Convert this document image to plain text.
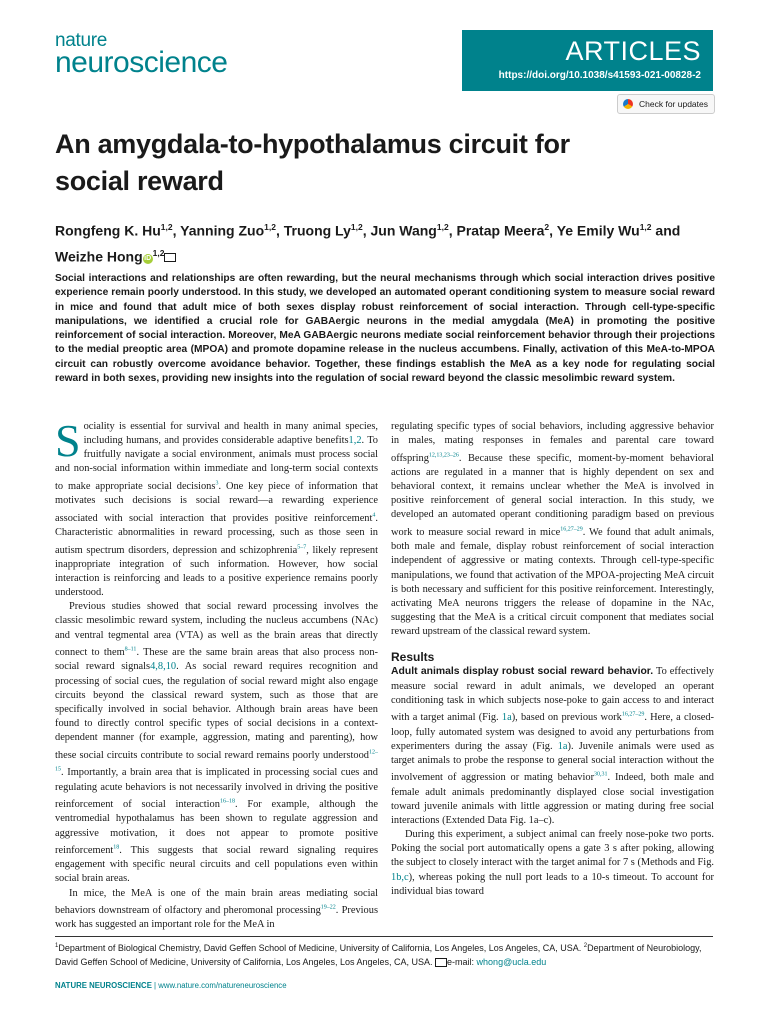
nature
neuroscience	ARTICLES
https://doi.org/10.1038/s41593-021-00828-2
Check for updates
An amygdala-to-hypothalamus circuit for
social reward
Rongfeng K. Hu$^{1,2}$, Yanning Zuo$^{1,2}$, Truong Ly$^{1,2}$, Jun Wang$^{1,2}$, Pratap Meera$^2$, Ye Emily Wu$^{1,2}$ and Weizhe Hong iD$^{1,2}$
Social interactions and relationships are often rewarding, but the neural mechanisms through which social interaction drives positive experience remain poorly understood. In this study, we developed an automated operant conditioning system to measure social reward in mice and found that adult mice of both sexes display robust reinforcement of social interaction. Through cell-type-specific manipulations, we identified a crucial role for GABAergic neurons in the medial amygdala (MeA) in promoting the positive reinforcement of social interaction. Moreover, MeA GABAergic neurons mediate social reinforcement behavior through their projections to the medial preoptic area (MPOA) and promote dopamine release in the nucleus accumbens. Finally, activation of this MeA-to-MPOA circuit can robustly overcome avoidance behavior. Together, these findings establish the MeA as a key node for regulating social reward in both sexes, providing new insights into the regulation of social reward beyond the classic mesolimbic reward system.

Sociality is essential for survival and health in many animal species, including humans, and provides considerable adaptive benefits1,2. To fruitfully navigate a social environment, animals must process social and non-social information within immediate and long-term social contexts to make appropriate social decisions$^3$. One key piece of information that motivates such decisions is social reward—a rewarding experience associated with social interaction that provides positive reinforcement$^4$. Characteristic abnormalities in reward processing, such as those seen in autism spectrum disorders, depression and schizophrenia$^{5-7}$, likely represent inappropriate integration of such information. However, how social interaction is reinforcing and leads to a positive experience remains poorly understood.

Previous studies showed that social reward processing involves the classic mesolimbic reward system, including the nucleus accumbens (NAc) and ventral tegmental area (VTA) as well as the brain areas that directly connect to them$^{8-11}$. These are the same brain areas that also process non-social reward signals4,8,10. As social reward requires recognition and processing of social cues, the regulation of social reward might also engage circuits beyond the classical reward system, such as those that are specifically involved in social behavior. Although brain areas have been found to directly control specific types of social decisions in a context-dependent manner (for example, aggression, mating and parenting), how these social circuits contribute to social reward remains poorly understood$^{12-15}$. Importantly, a brain area that is implicated in processing social cues and regulating acute behaviors is not necessarily involved in driving the positive reinforcement of social interaction$^{16-18}$. For example, although the ventromedial hypothalamus has been shown to regulate aggression and aggressive motivation, it does not appear to promote positive reinforcement$^{18}$. This suggests that social reward signaling requires engagement with specific neural circuits and cell populations even within social brain areas.

In mice, the MeA is one of the main brain areas mediating social behaviors downstream of olfactory and pheromonal processing$^{19-22}$. Previous work has suggested an important role for the MeA in

regulating specific types of social behaviors, including aggressive behavior in males, mating responses in females and parental care toward offspring$^{12,13,23-26}$. Because these specific, moment-by-moment behavioral actions are regulated in a manner that is highly dependent on sex and behavioral context, it remains unclear whether the MeA is involved in positive reinforcement of general social interaction. In this study, we developed an automated operant conditioning paradigm based on previous work to measure social reward in mice$^{16,27-29}$. We found that adult animals, both male and female, display robust reinforcement of social interaction independent of aggressive or mating contexts. Through cell-type-specific manipulations, we found that activation of the MPOA-projecting MeA circuit is both necessary and sufficient for this positive reinforcement. Interestingly, activating MeA neurons triggers the release of dopamine in the NAc, suggesting that the MeA is a critical circuit component that mediates social reward upstream of the classical reward system.

Results

Adult animals display robust social reward behavior. To effectively measure social reward in adult animals, we developed an operant conditioning task in which subjects nose-poke to gain access to and interact with a target animal (Fig. 1a), based on previous work$^{16,27-29}$. Here, a closed-loop, fully automated system was designed to avoid any perturbations from experimenters during the assay (Fig. 1a). Juvenile animals were used as target animals to probe the response to general social interaction without the involvement of aggression or mating behavior$^{30,31}$. Indeed, both male and female adult animals predominantly displayed close social investigation toward juvenile animals with little aggression or mating during free social interactions (Extended Data Fig. 1a–c).

During this experiment, a subject animal can freely nose-poke two ports. Poking the social port automatically opens a gate 3 s after poking, allowing the subject to closely interact with the target animal for 7 s (Methods and Fig. 1b,c), whereas poking the null port leads to a 10-s timeout. To account for individual bias toward

$^1$Department of Biological Chemistry, David Geffen School of Medicine, University of California, Los Angeles, Los Angeles, CA, USA. $^2$Department of Neurobiology, David Geffen School of Medicine, University of California, Los Angeles, Los Angeles, CA, USA. e-mail: whong@ucla.edu
NATURE NEUROSCIENCE | www.nature.com/natureneuroscience
